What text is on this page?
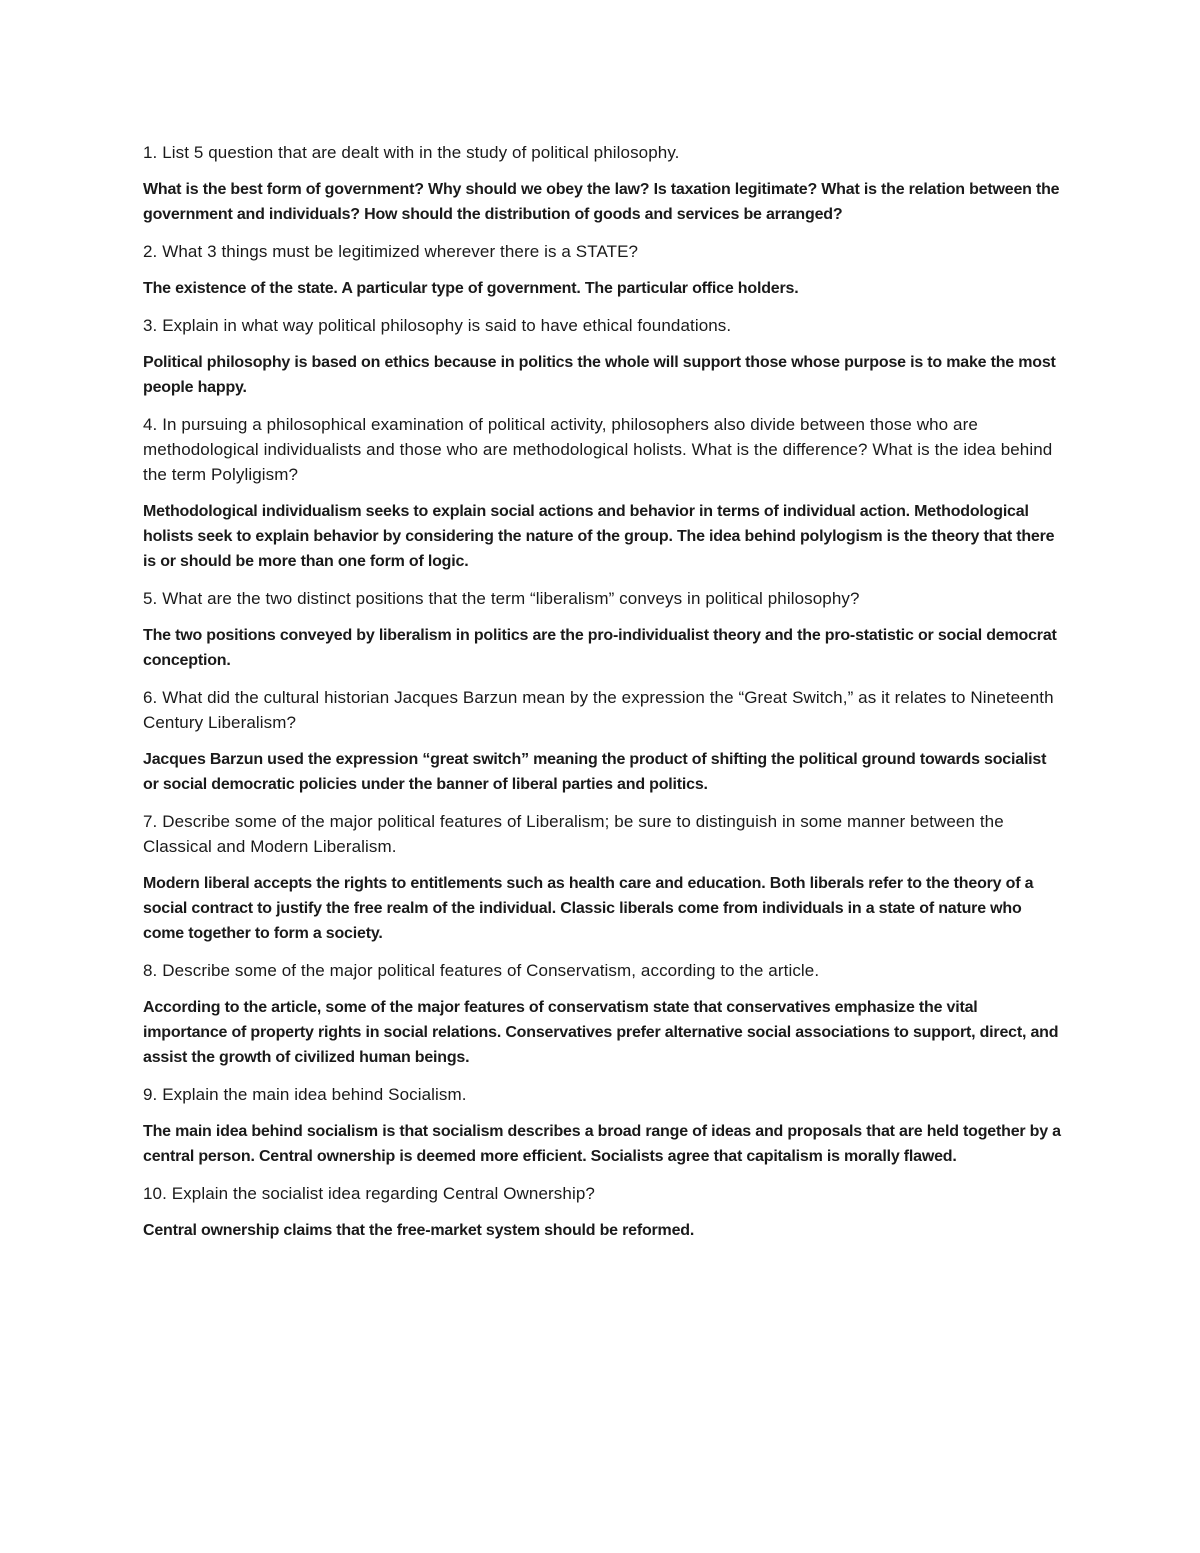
1. List 5 question that are dealt with in the study of political philosophy.

What is the best form of government? Why should we obey the law? Is taxation legitimate? What is the relation between the government and individuals? How should the distribution of goods and services be arranged?

2. What 3 things must be legitimized wherever there is a STATE?

The existence of the state. A particular type of government. The particular office holders.

3. Explain in what way political philosophy is said to have ethical foundations.

Political philosophy is based on ethics because in politics the whole will support those whose purpose is to make the most people happy.

4. In pursuing a philosophical examination of political activity, philosophers also divide between those who are methodological individualists and those who are methodological holists. What is the difference? What is the idea behind the term Polyligism?

Methodological individualism seeks to explain social actions and behavior in terms of individual action. Methodological holists seek to explain behavior by considering the nature of the group. The idea behind polylogism is the theory that there is or should be more than one form of logic.

5. What are the two distinct positions that the term “liberalism” conveys in political philosophy?

The two positions conveyed by liberalism in politics are the pro-individualist theory and the pro-statistic or social democrat conception.

6. What did the cultural historian Jacques Barzun mean by the expression the “Great Switch,” as it relates to Nineteenth Century Liberalism?

Jacques Barzun used the expression “great switch” meaning the product of shifting the political ground towards socialist or social democratic policies under the banner of liberal parties and politics.

7. Describe some of the major political features of Liberalism; be sure to distinguish in some manner between the Classical and Modern Liberalism.

Modern liberal accepts the rights to entitlements such as health care and education. Both liberals refer to the theory of a social contract to justify the free realm of the individual. Classic liberals come from individuals in a state of nature who come together to form a society.

8. Describe some of the major political features of Conservatism, according to the article.

According to the article, some of the major features of conservatism state that conservatives emphasize the vital importance of property rights in social relations. Conservatives prefer alternative social associations to support, direct, and assist the growth of civilized human beings.

9. Explain the main idea behind Socialism.

The main idea behind socialism is that socialism describes a broad range of ideas and proposals that are held together by a central person. Central ownership is deemed more efficient. Socialists agree that capitalism is morally flawed.

10. Explain the socialist idea regarding Central Ownership?

Central ownership claims that the free-market system should be reformed.
